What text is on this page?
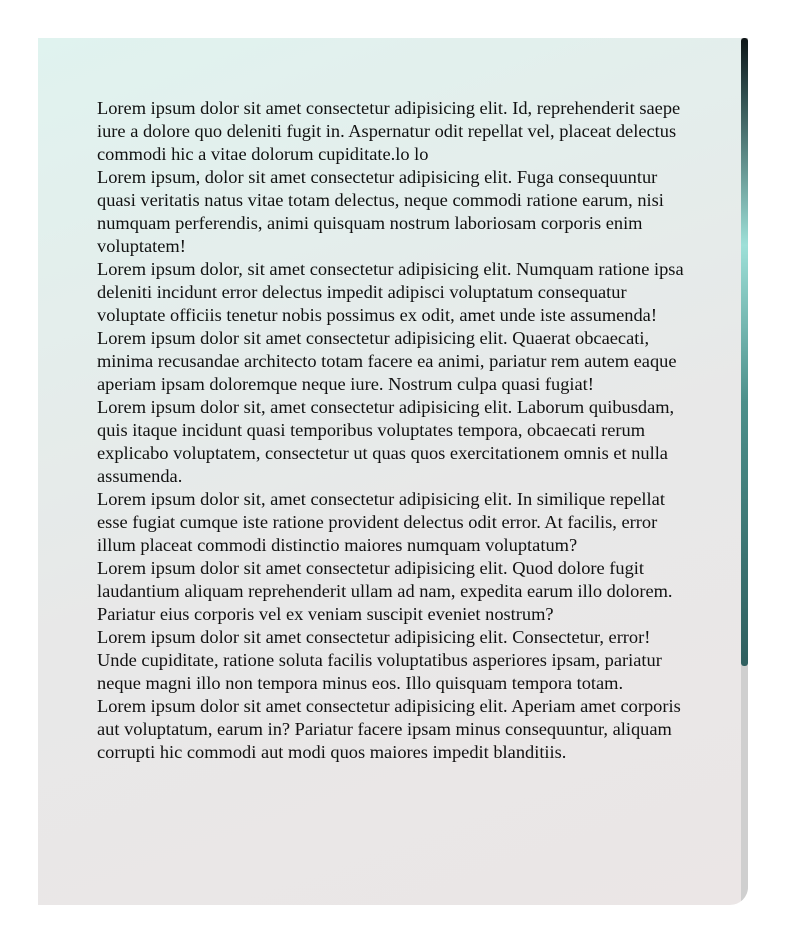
Lorem ipsum dolor sit amet consectetur adipisicing elit. Id, reprehenderit saepe iure a dolore quo deleniti fugit in. Aspernatur odit repellat vel, placeat delectus commodi hic a vitae dolorum cupiditate.lo lo

Lorem ipsum, dolor sit amet consectetur adipisicing elit. Fuga consequuntur quasi veritatis natus vitae totam delectus, neque commodi ratione earum, nisi numquam perferendis, animi quisquam nostrum laboriosam corporis enim voluptatem!

Lorem ipsum dolor, sit amet consectetur adipisicing elit. Numquam ratione ipsa deleniti incidunt error delectus impedit adipisci voluptatum consequatur voluptate officiis tenetur nobis possimus ex odit, amet unde iste assumenda!

Lorem ipsum dolor sit amet consectetur adipisicing elit. Quaerat obcaecati, minima recusandae architecto totam facere ea animi, pariatur rem autem eaque aperiam ipsam doloremque neque iure. Nostrum culpa quasi fugiat!

Lorem ipsum dolor sit, amet consectetur adipisicing elit. Laborum quibusdam, quis itaque incidunt quasi temporibus voluptates tempora, obcaecati rerum explicabo voluptatem, consectetur ut quas quos exercitationem omnis et nulla assumenda.

Lorem ipsum dolor sit, amet consectetur adipisicing elit. In similique repellat esse fugiat cumque iste ratione provident delectus odit error. At facilis, error illum placeat commodi distinctio maiores numquam voluptatum?

Lorem ipsum dolor sit amet consectetur adipisicing elit. Quod dolore fugit laudantium aliquam reprehenderit ullam ad nam, expedita earum illo dolorem. Pariatur eius corporis vel ex veniam suscipit eveniet nostrum?

Lorem ipsum dolor sit amet consectetur adipisicing elit. Consectetur, error! Unde cupiditate, ratione soluta facilis voluptatibus asperiores ipsam, pariatur neque magni illo non tempora minus eos. Illo quisquam tempora totam.

Lorem ipsum dolor sit amet consectetur adipisicing elit. Aperiam amet corporis aut voluptatum, earum in? Pariatur facere ipsam minus consequuntur, aliquam corrupti hic commodi aut modi quos maiores impedit blanditiis.
